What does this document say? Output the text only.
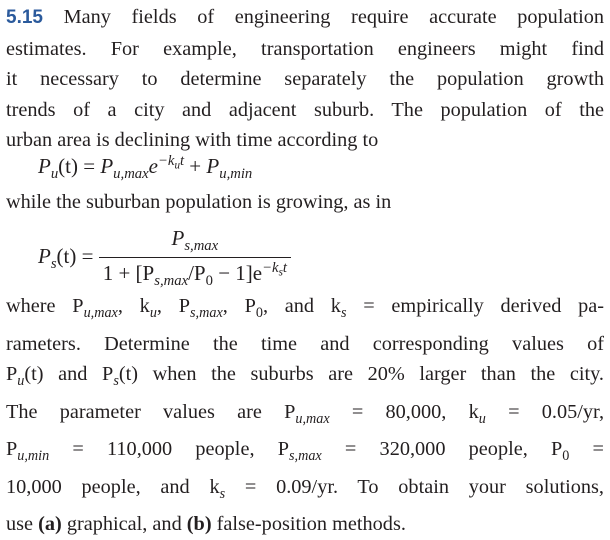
5.15 Many fields of engineering require accurate population
estimates. For example, transportation engineers might find
it necessary to determine separately the population growth
trends of a city and adjacent suburb. The population of the
urban area is declining with time according to
$P_u(t) = P_{u,max}e^{-k_ut} + P_{u,min}$
while the suburban population is growing, as in
$P_s(t) = \frac{P_{s,max}}{1 + [P_{s,max}/P_0 - 1]e^{-k_st}}$
where $P_{u,max}$, $k_u$, $P_{s,max}$, $P_0$, and $k_s$ = empirically derived pa-
rameters. Determine the time and corresponding values of
$P_u(t)$ and $P_s(t)$ when the suburbs are 20% larger than the city.
The parameter values are $P_{u,max} = 80,000$, $k_u = 0.05/yr$,
$P_{u,min} = 110,000$ people, $P_{s,max} = 320,000$ people, $P_0$ =
10,000 people, and $k_s = 0.09/yr$. To obtain your solutions,
use (a) graphical, and (b) false-position methods.
